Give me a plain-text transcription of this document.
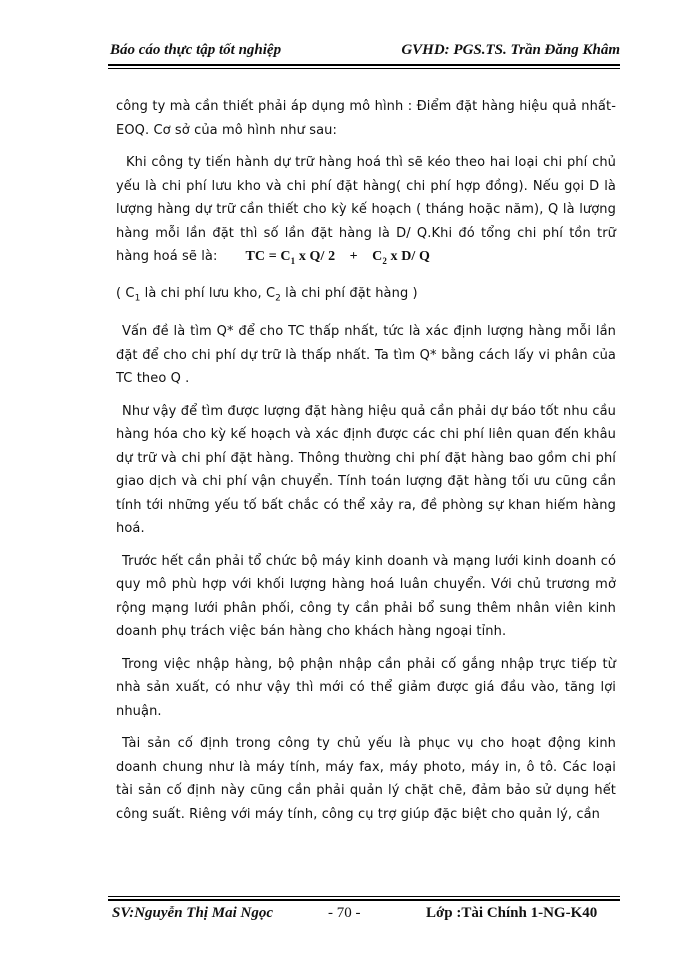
Báo cáo thực tập tốt nghiệp	GVHD: PGS.TS. Trần Đăng Khâm

công ty mà cần thiết phải áp dụng mô hình : Điểm đặt hàng hiệu quả nhất- EOQ. Cơ sở của mô hình như sau:

Khi công ty tiến hành dự trữ hàng hoá thì sẽ kéo theo hai loại chi phí chủ yếu là chi phí lưu kho và chi phí đặt hàng( chi phí hợp đồng). Nếu gọi D là lượng hàng dự trữ cần thiết cho kỳ kế hoạch ( tháng hoặc năm), Q là lượng hàng mỗi lần đặt thì số lần đặt hàng là D/ Q.Khi đó tổng chi phí tồn trữ hàng hoá sẽ là: TC = $C_1$ x Q/ 2    +    $C_2$ x D/ Q

( $C_1$ là chi phí lưu kho, $C_2$ là chi phí đặt hàng )

Vấn đề là tìm Q* để cho TC thấp nhất, tức là xác định lượng hàng mỗi lần đặt để cho chi phí dự trữ là thấp nhất. Ta tìm Q* bằng cách lấy vi phân của TC theo Q .

Như vậy để tìm được lượng đặt hàng hiệu quả cần phải dự báo tốt nhu cầu hàng hóa cho kỳ kế hoạch và xác định được các chi phí liên quan đến khâu dự trữ và chi phí đặt hàng. Thông thường chi phí đặt hàng bao gồm chi phí giao dịch và chi phí vận chuyển. Tính toán lượng đặt hàng tối ưu cũng cần tính tới những yếu tố bất chắc có thể xảy ra, đề phòng sự khan hiếm hàng hoá.

Trước hết cần phải tổ chức bộ máy kinh doanh và mạng lưới kinh doanh có quy mô phù hợp với khối lượng hàng hoá luân chuyển. Với chủ trương mở rộng mạng lưới phân phối, công ty cần phải bổ sung thêm nhân viên kinh doanh phụ trách việc bán hàng cho khách hàng ngoại tỉnh.

Trong việc nhập hàng, bộ phận nhập cần phải cố gắng nhập trực tiếp từ nhà sản xuất, có như vậy thì mới có thể giảm được giá đầu vào, tăng lợi nhuận.

Tài sản cố định trong công ty chủ yếu là phục vụ cho hoạt động kinh doanh chung như là máy tính, máy fax, máy photo, máy in, ô tô. Các loại tài sản cố định này cũng cần phải quản lý chặt chẽ, đảm bảo sử dụng hết công suất. Riêng với máy tính, công cụ trợ giúp đặc biệt cho quản lý, cần

SV:Nguyễn Thị Mai Ngọc	- 70 -	Lớp :Tài Chính 1-NG-K40
